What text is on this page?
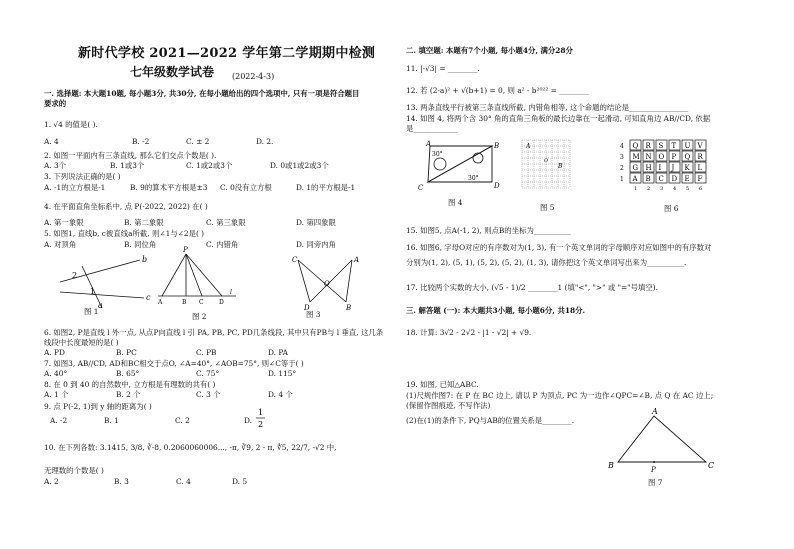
新时代学校 2021—2022 学年第二学期期中检测
七年级数学试卷 (2022-4-3)
一. 选择题: 本大题10题, 每小题3分, 共30分, 在每小题给出的四个选项中, 只有一项是符合题目
要求的
1. √4 的值是( ).
A. 4	B. -2	C. ± 2	D. 2.
2. 如图一平面内有三条直线, 那么它们交点个数是( ).
A. 3个	B. 1或3个	C. 1或2或3个	D. 0或1或2或3个
3. 下列说法正确的是( )
A. -1的立方根是-1	B. 9的算术平方根是±3 C. 0没有立方根	D. 1的平方根是-1
4. 在平面直角坐标系中, 点 P(-2022, 2022) 在( )
A. 第一象限	B. 第二象限	C. 第三象限	D. 第四象限
5. 如图1, 直线b, c被直线a所截, 则∠1与∠2是( )
A. 对顶角	B. 同位角	C. 内错角	D. 同旁内角
b
c
a
2
1
图 1
P
A	B C	D
l
图 2
C	A
D	B
O
图 3
6. 如图2, P是直线 l 外一点, 从点P向直线 l 引 PA, PB, PC, PD几条线段, 其中只有PB与 l 垂直, 这几条
线段中长度最短的是( )
A. PD	B. PC	C. PB	D. PA
7. 如图3, AB//CD, AD和BC相交于点O, ∠A=40°, ∠AOB=75°, 则∠C等于( )
A. 40°	B. 65°	C. 75°	D. 115°
8. 在 0 到 40 的自然数中, 立方根是有理数的共有( )
A. 1 个	B. 2 个	C. 3 个	D. 4 个
9. 点 P(-2, 1)到 y 轴的距离为( )
A. -2	B. 1	C. 2	D.
1
2
10. 在下列各数: 3.1415, 3/8, ∛-8, 0.2060060006..., -π, ∛9, 2 - π, ∜5, 22/7, -√2 中,
无理数的个数是( )
A. 2	B. 3	C. 4	D. 5
二. 填空题: 本题有7个小题, 每小题4分, 满分28分
11. |-√3| = ________.
12. 若 (2-a)² + √(b+1) = 0, 则 a² - b²⁰²² = ________
13. 两条直线平行被第三条直线所截, 内错角相等, 这个命题的结论是________________
14. 如图 4, 将两个含 30° 角的直角三角板的最长边靠在一起滑动, 可知直角边 AB//CD, 依据
是____________
30°
30°
A	B
C	D
图 4
A
B
O
图 5
4 Q R S T U V
3 M N O P Q R
2 G H I J K L
1 A B C D E F
1 2 3 4 5 6
图 6
15. 如图5, 点A(-1, 2), 则点B的坐标为__________
16. 如图6, 字母O对应的有序数对为(1, 3), 有一个英文单词的字母顺序对应如图中的有序数对
分别为(1, 2), (5, 1), (5, 2), (5, 2), (1, 3), 请你把这个英文单词写出来为__________.
17. 比较两个实数的大小, (√5 - 1)/2 ________1 (填"<", ">" 或 "="号填空).
三. 解答题 (一): 本大题共3小题, 每小题6分, 共18分.
18. 计算: 3√2 - 2√2 - |1 - √2| + √9.
19. 如图, 已知△ABC.
(1)尺规作图7: 在 P 在 BC 边上, 请以 P 为顶点, PC 为一边作∠QPC=∠B, 点 Q 在 AC 边上;
(保留作图痕迹, 不写作法)
(2)在(1)的条件下, PQ与AB的位置关系是________.
A
B	C
P
图 7
